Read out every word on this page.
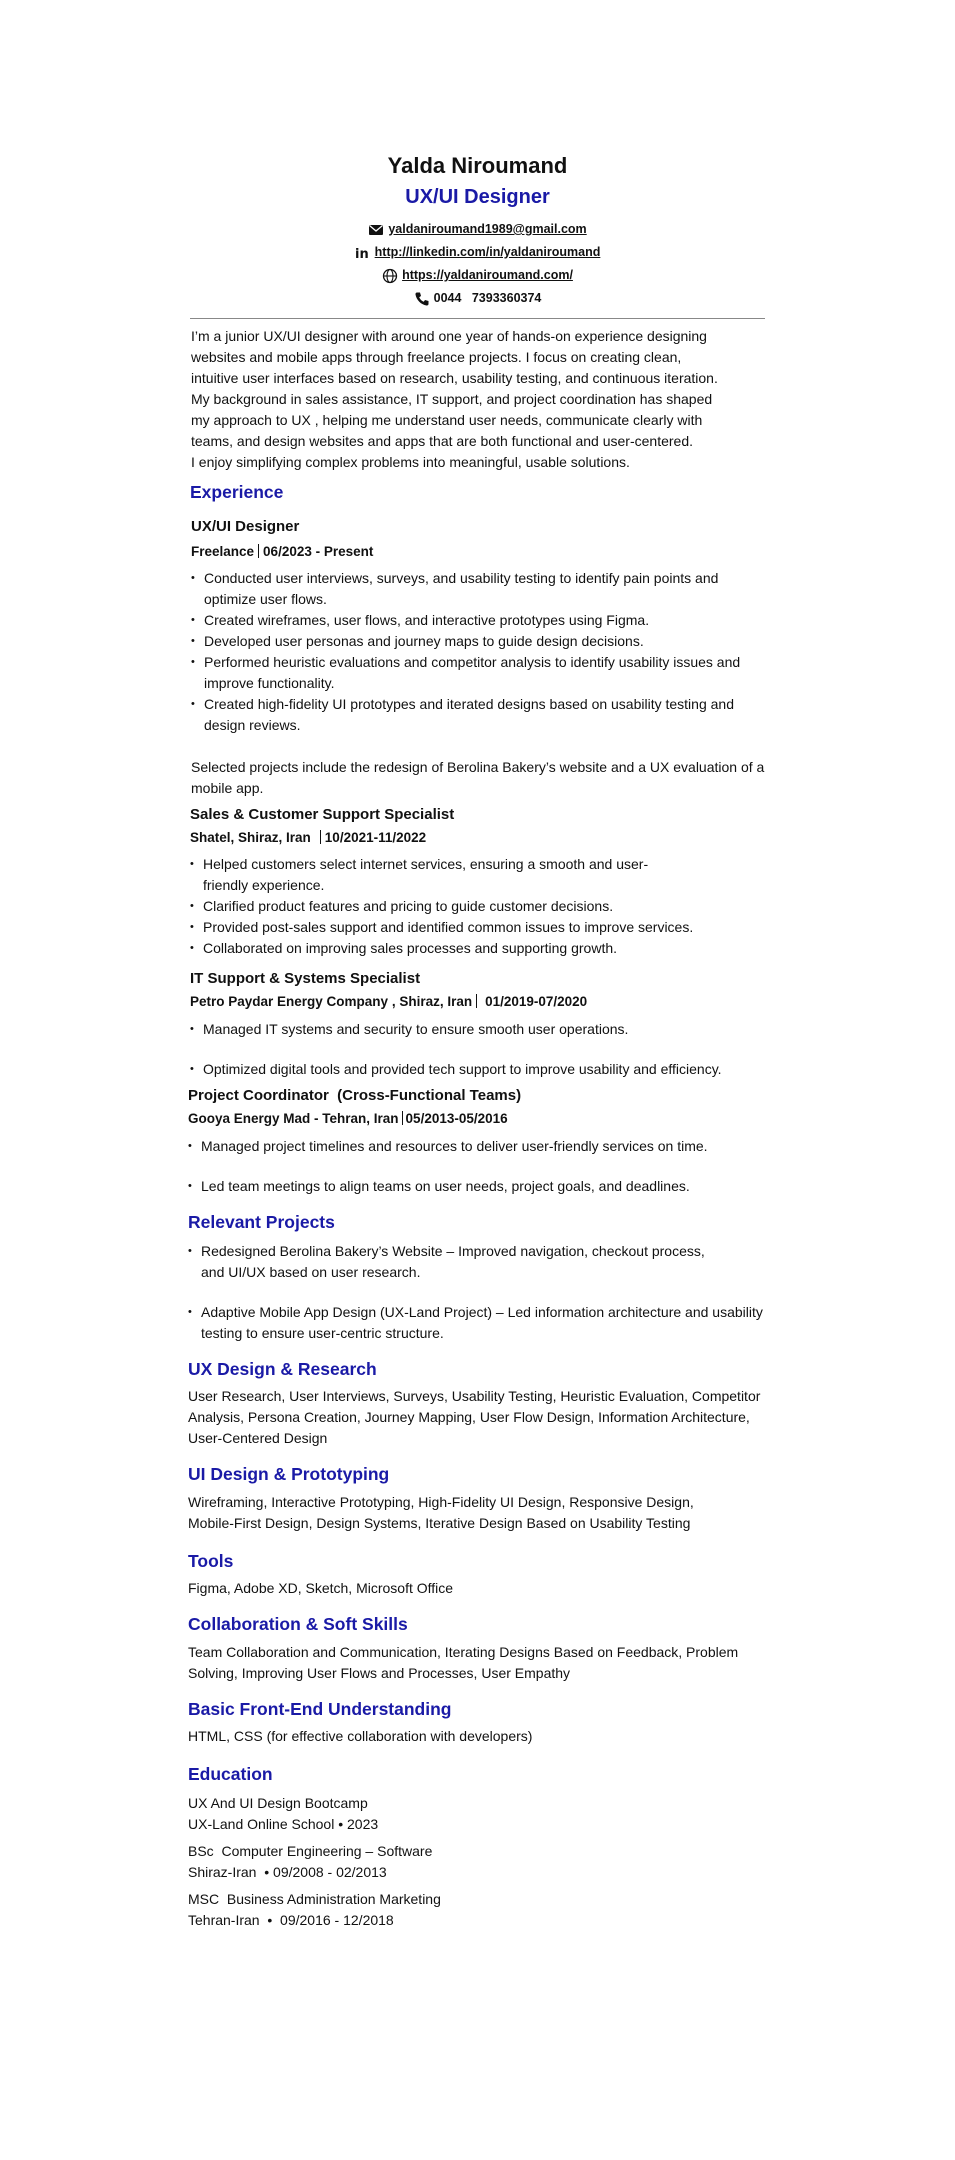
Yalda Niroumand
UX/UI Designer
yaldaniroumand1989@gmail.com
in http://linkedin.com/in/yaldaniroumand
https://yaldaniroumand.com/
0044   7393360374

I’m a junior UX/UI designer with around one year of hands-on experience designing

websites and mobile apps through freelance projects. I focus on creating clean,

intuitive user interfaces based on research, usability testing, and continuous iteration.

My background in sales assistance, IT support, and project coordination has shaped

my approach to UX , helping me understand user needs, communicate clearly with

teams, and design websites and apps that are both functional and user-centered.

I enjoy simplifying complex problems into meaningful, usable solutions.

Experience
UX/UI Designer
Freelance 06/2023 - Present
• Conducted user interviews, surveys, and usability testing to identify pain points and optimize user flows.
• Created wireframes, user flows, and interactive prototypes using Figma.
• Developed user personas and journey maps to guide design decisions.
• Performed heuristic evaluations and competitor analysis to identify usability issues and improve functionality.
• Created high-fidelity UI prototypes and iterated designs based on usability testing and design reviews.

Selected projects include the redesign of Berolina Bakery’s website and a UX evaluation of a mobile app.

Sales & Customer Support Specialist
Shatel, Shiraz, Iran 10/2021-11/2022
• Helped customers select internet services, ensuring a smooth and user-friendly experience.
• Clarified product features and pricing to guide customer decisions.
• Provided post-sales support and identified common issues to improve services.
• Collaborated on improving sales processes and supporting growth.
IT Support & Systems Specialist
Petro Paydar Energy Company , Shiraz, Iran 01/2019-07/2020
• Managed IT systems and security to ensure smooth user operations.
• Optimized digital tools and provided tech support to improve usability and efficiency.
Project Coordinator  (Cross-Functional Teams)
Gooya Energy Mad - Tehran, Iran 05/2013-05/2016
• Managed project timelines and resources to deliver user-friendly services on time.
• Led team meetings to align teams on user needs, project goals, and deadlines.
Relevant Projects
• Redesigned Berolina Bakery’s Website – Improved navigation, checkout process, and UI/UX based on user research.
• Adaptive Mobile App Design (UX-Land Project) – Led information architecture and usability testing to ensure user-centric structure.
UX Design & Research

User Research, User Interviews, Surveys, Usability Testing, Heuristic Evaluation, Competitor Analysis, Persona Creation, Journey Mapping, User Flow Design, Information Architecture, User-Centered Design

UI Design & Prototyping

Wireframing, Interactive Prototyping, High-Fidelity UI Design, Responsive Design, Mobile-First Design, Design Systems, Iterative Design Based on Usability Testing

Tools

Figma, Adobe XD, Sketch, Microsoft Office

Collaboration & Soft Skills

Team Collaboration and Communication, Iterating Designs Based on Feedback, Problem Solving, Improving User Flows and Processes, User Empathy

Basic Front-End Understanding

HTML, CSS (for effective collaboration with developers)

Education

UX And UI Design Bootcamp

UX-Land Online School • 2023

BSc  Computer Engineering – Software

Shiraz-Iran  • 09/2008 - 02/2013

MSC  Business Administration Marketing

Tehran-Iran  •  09/2016 - 12/2018
